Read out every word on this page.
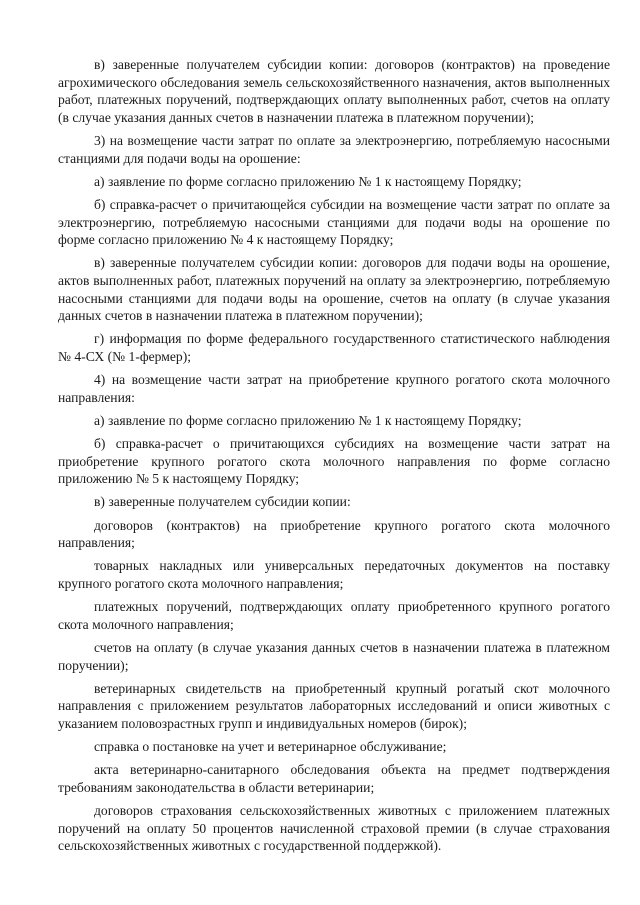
в) заверенные получателем субсидии копии: договоров (контрактов) на проведение агрохимического обследования земель сельскохозяйственного назначения, актов выполненных работ, платежных поручений, подтверждающих оплату выполненных работ, счетов на оплату (в случае указания данных счетов в назначении платежа в платежном поручении);

3) на возмещение части затрат по оплате за электроэнергию, потребляемую насосными станциями для подачи воды на орошение:

а) заявление по форме согласно приложению № 1 к настоящему Порядку;

б) справка-расчет о причитающейся субсидии на возмещение части затрат по оплате за электроэнергию, потребляемую насосными станциями для подачи воды на орошение по форме согласно приложению № 4 к настоящему Порядку;

в) заверенные получателем субсидии копии: договоров для подачи воды на орошение, актов выполненных работ, платежных поручений на оплату за электроэнергию, потребляемую насосными станциями для подачи воды на орошение, счетов на оплату (в случае указания данных счетов в назначении платежа в платежном поручении);

г) информация по форме федерального государственного статистического наблюдения № 4-СХ (№ 1-фермер);

4) на возмещение части затрат на приобретение крупного рогатого скота молочного направления:

а) заявление по форме согласно приложению № 1 к настоящему Порядку;

б) справка-расчет о причитающихся субсидиях на возмещение части затрат на приобретение крупного рогатого скота молочного направления по форме согласно приложению № 5 к настоящему Порядку;

в) заверенные получателем субсидии копии:

договоров (контрактов) на приобретение крупного рогатого скота молочного направления;

товарных накладных или универсальных передаточных документов на поставку крупного рогатого скота молочного направления;

платежных поручений, подтверждающих оплату приобретенного крупного рогатого скота молочного направления;

счетов на оплату (в случае указания данных счетов в назначении платежа в платежном поручении);

ветеринарных свидетельств на приобретенный крупный рогатый скот молочного направления с приложением результатов лабораторных исследований и описи животных с указанием половозрастных групп и индивидуальных номеров (бирок);

справка о постановке на учет и ветеринарное обслуживание;

акта ветеринарно-санитарного обследования объекта на предмет подтверждения требованиям законодательства в области ветеринарии;

договоров страхования сельскохозяйственных животных с приложением платежных поручений на оплату 50 процентов начисленной страховой премии (в случае страхования сельскохозяйственных животных с государственной поддержкой).
